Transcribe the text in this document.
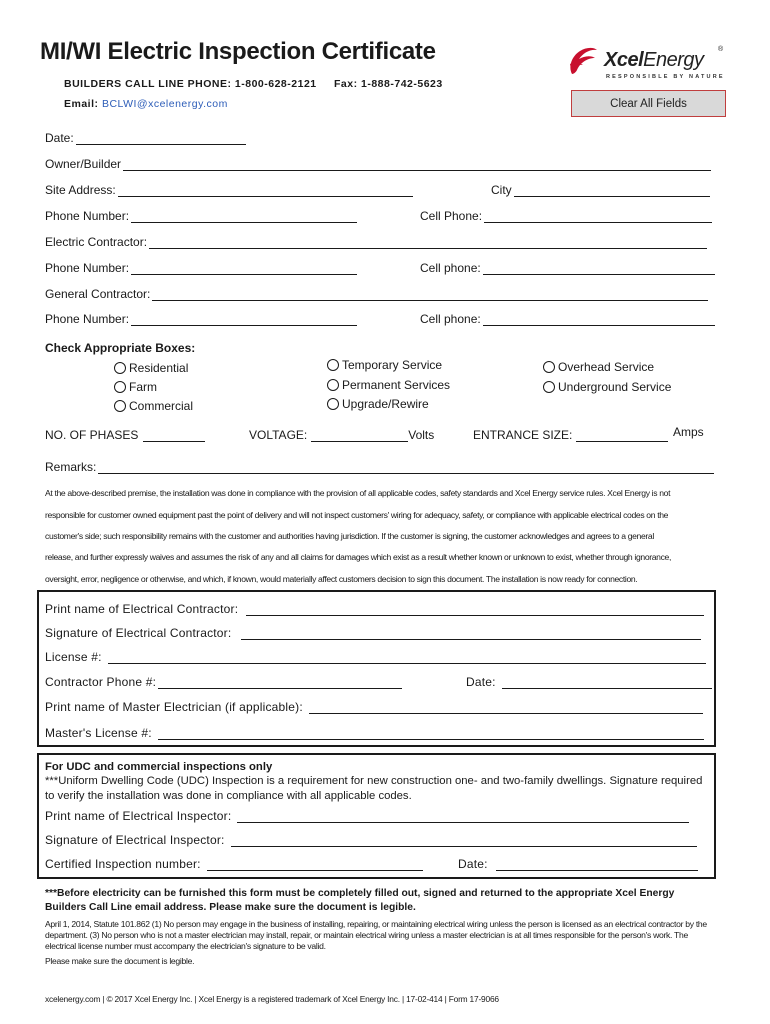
MI/WI Electric Inspection Certificate
BUILDERS CALL LINE PHONE: 1-800-628-2121 Fax: 1-888-742-5623
Email: BCLWI@xcelenergy.com
XcelEnergy ®
RESPONSIBLE BY NATURE
Clear All Fields
Date:
Owner/Builder
Site Address:	City
Phone Number:	Cell Phone:
Electric Contractor:
Phone Number:	Cell phone:
General Contractor:
Phone Number:	Cell phone:
Check Appropriate Boxes:
Residential
Farm
Commercial
Temporary Service
Permanent Services
Upgrade/Rewire
Overhead Service
Underground Service
NO. OF PHASES	VOLTAGE:	Volts	ENTRANCE SIZE:	Amps
Remarks:
At the above-described premise, the installation was done in compliance with the provision of all applicable codes, safety standards and Xcel Energy service rules. Xcel Energy is not
responsible for customer owned equipment past the point of delivery and will not inspect customers' wiring for adequacy, safety, or compliance with applicable electrical codes on the
customer's side; such responsibility remains with the customer and authorities having jurisdiction. If the customer is signing, the customer acknowledges and agrees to a general
release, and further expressly waives and assumes the risk of any and all claims for damages which exist as a result whether known or unknown to exist, whether through ignorance,
oversight, error, negligence or otherwise, and which, if known, would materially affect customers decision to sign this document. The installation is now ready for connection.
Print name of Electrical Contractor:
Signature of Electrical Contractor:
License #:
Contractor Phone #:	Date:
Print name of Master Electrician (if applicable):
Master's License #:
For UDC and commercial inspections only
***Uniform Dwelling Code (UDC) Inspection is a requirement for new construction one- and two-family dwellings. Signature required to verify the installation was done in compliance with all applicable codes.
Print name of Electrical Inspector:
Signature of Electrical Inspector:
Certified Inspection number:	Date:
***Before electricity can be furnished this form must be completely filled out, signed and returned to the appropriate Xcel Energy Builders Call Line email address. Please make sure the document is legible.
April 1, 2014, Statute 101.862 (1) No person may engage in the business of installing, repairing, or maintaining electrical wiring unless the person is licensed as an electrical contractor by the department. (3) No person who is not a master electrician may install, repair, or maintain electrical wiring unless a master electrician is at all times responsible for the person's work. The electrical license number must accompany the electrician's signature to be valid.
Please make sure the document is legible.
xcelenergy.com | © 2017 Xcel Energy Inc. | Xcel Energy is a registered trademark of Xcel Energy Inc. | 17-02-414 | Form 17-9066
